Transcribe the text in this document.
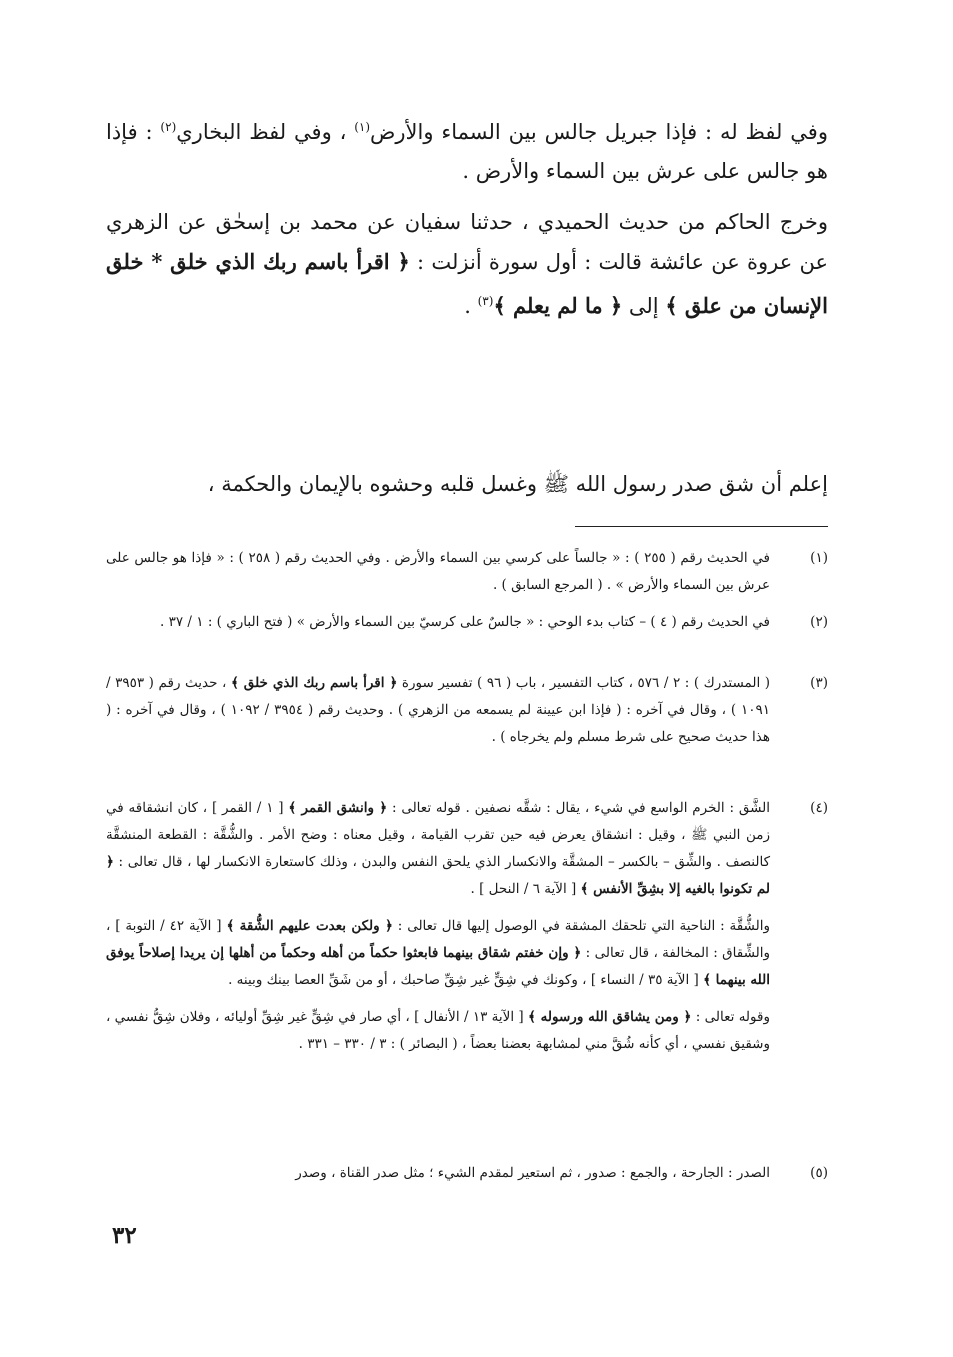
وفي لفظ له : فإذا جبريل جالس بين السماء والأرض$^{(١)}$ ، وفي لفظ البخاري$^{(٢)}$ : فإذا هو جالس على عرش بين السماء والأرض .
وخرج الحاكم من حديث الحميدي ، حدثنا سفيان عن محمد بن إسحٰق عن الزهري عن عروة عن عائشة قالت : أول سورة أنزلت : ﴿ اقرأ باسم ربك الذي خلق * خلق الإنسان من علق ﴾ إلى ﴿ ما لم يعلم ﴾$^{(٣)}$ .
إعلم أن شق صدر رسول الله ﷺ وغسل قلبه وحشوه بالإيمان والحكمة ،
(١)

في الحديث رقم ( ٢٥٥ ) : « جالساً على كرسي بين السماء والأرض . وفي الحديث رقم ( ٢٥٨ ) : « فإذا هو جالس على عرش بين السماء والأرض » . ( المرجع السابق ) .

(٢)

في الحديث رقم ( ٤ ) – كتاب بدء الوحي : « جالسٌ على كرسيّ بين السماء والأرض » ( فتح الباري ) : ١ / ٣٧ .

(٣)

( المستدرك ) : ٢ / ٥٧٦ ، كتاب التفسير ، باب ( ٩٦ ) تفسير سورة ﴿ اقرأ باسم ربك الذي خلق ﴾ ، حديث رقم ( ٣٩٥٣ / ١٠٩١ ) ، وقال في آخره : ( فإذا ابن عيينة لم يسمعه من الزهري ) . وحديث رقم ( ٣٩٥٤ / ١٠٩٢ ) ، وقال في آخره : ( هذا حديث صحيح على شرط مسلم ولم يخرجاه ) .

(٤)

الشَّق : الخرم الواسع في شيء ، يقال : شقَّه نصفين . قوله تعالى : ﴿ وانشق القمر ﴾ [ ١ / القمر ] ، كان انشقاقه في زمن النبي ﷺ ، وقيل : انشقاق يعرض فيه حين تقرب القيامة ، وقيل معناه : وضح الأمر . والشُّقَّة : القطعة المنشقَّة كالنصف . والشِّق – بالكسر – المشقَّة والانكسار الذي يلحق النفس والبدن ، وذلك كاستعارة الانكسار لها ، قال تعالى : ﴿ لم تكونوا بالغيه إلا بشِقِّ الأنفس ﴾ [ الآية ٦ / النحل ] .

والشُّقَّة : الناحية التي تلحقك المشقة في الوصول إليها قال تعالى : ﴿ ولكن بعدت عليهم الشُّقة ﴾ [ الآية ٤٢ / التوبة ] ، والشِّقاق : المخالفة ، قال تعالى : ﴿ وإن خفتم شقاق بينهما فابعثوا حكماً من أهله وحكماً من أهلها إن يريدا إصلاحاً يوفق الله بينهما ﴾ [ الآية ٣٥ / النساء ] ، وكونك في شِقٍّ غير شِقِّ صاحبك ، أو من شَقِّ العصا بينك وبينه .

وقوله تعالى : ﴿ ومن يشاقق الله ورسوله ﴾ [ الآية ١٣ / الأنفال ] ، أي صار في شِقٍّ غير شِقِّ أوليائه ، وفلان شِقُّ نفسي ، وشقيق نفسي ، أي كأنه شُقَّ مني لمشابهة بعضنا بعضاً ، ( البصائر ) : ٣ / ٣٣٠ – ٣٣١ .

(٥)

الصدر : الجارحة ، والجمع : صدور ، ثم استعير لمقدم الشيء ؛ مثل صدر القناة ، وصدر

٣٢
